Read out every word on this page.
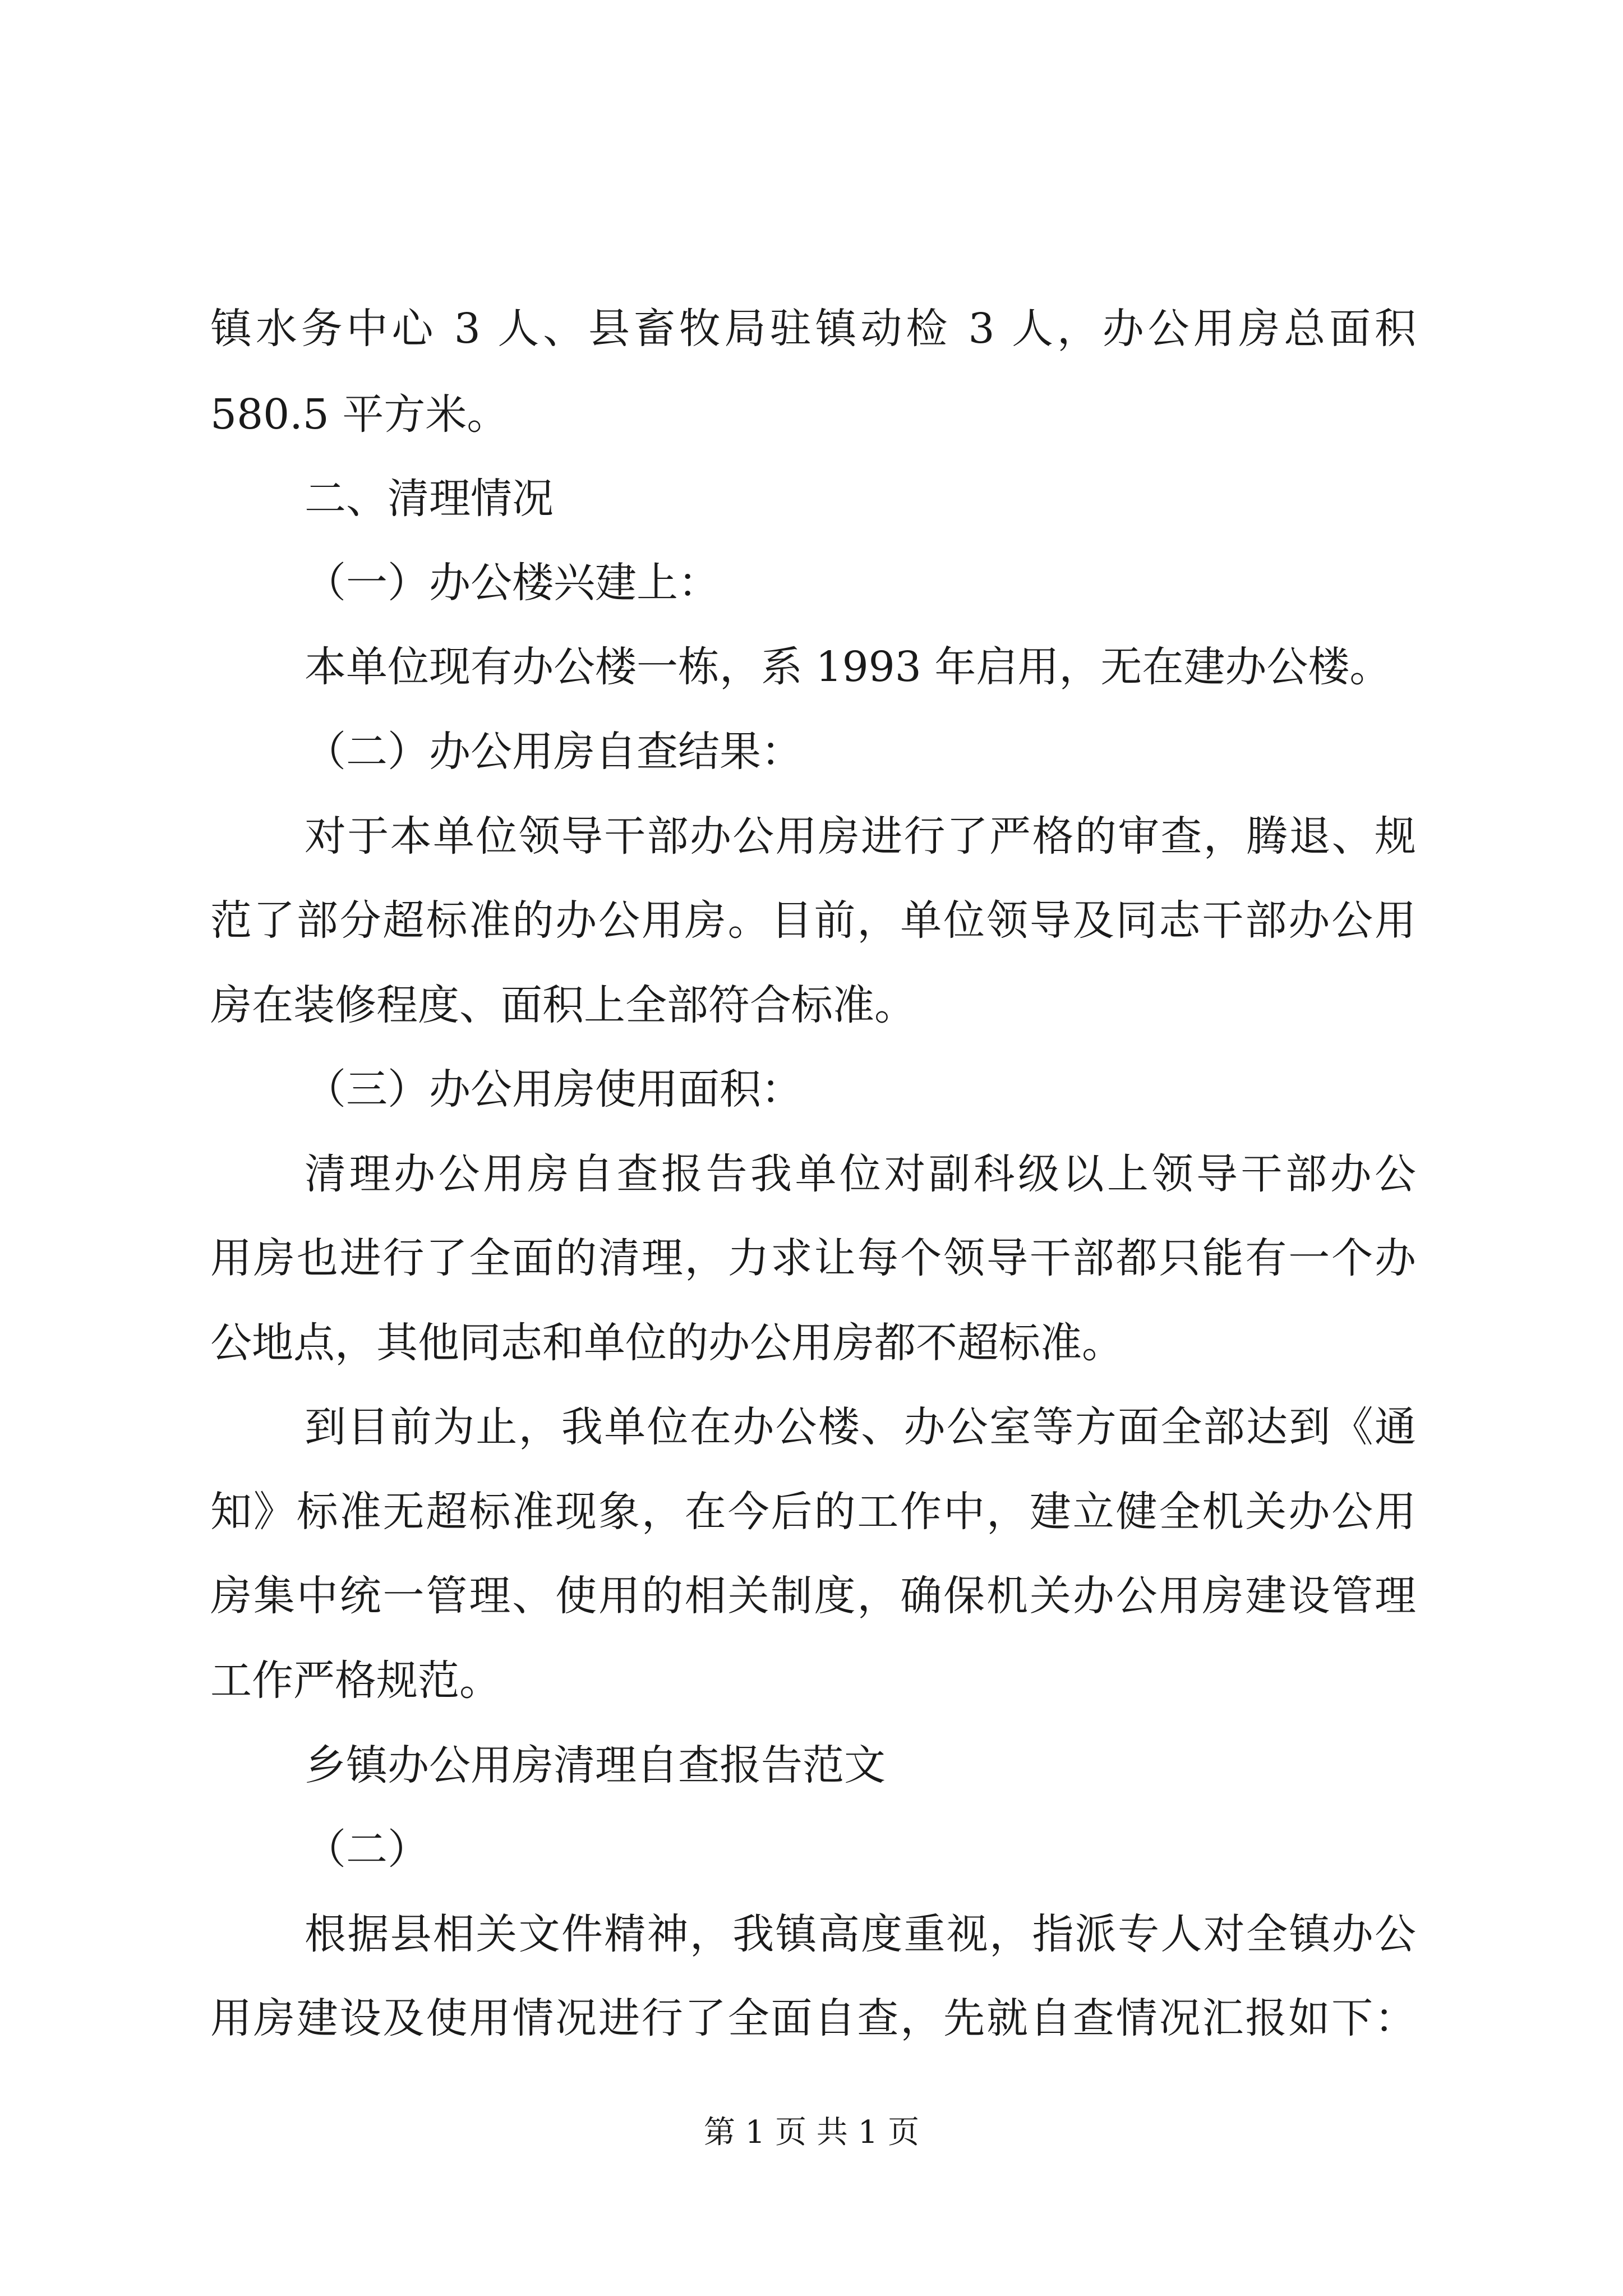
镇水务中心 3 人、县畜牧局驻镇动检 3 人，办公用房总面积
580.5 平方米。
二、清理情况
（一）办公楼兴建上：
本单位现有办公楼一栋，系 1993 年启用，无在建办公楼。
（二）办公用房自查结果：
对于本单位领导干部办公用房进行了严格的审查，腾退、规
范了部分超标准的办公用房。目前，单位领导及同志干部办公用
房在装修程度、面积上全部符合标准。
（三）办公用房使用面积：
清理办公用房自查报告我单位对副科级以上领导干部办公
用房也进行了全面的清理，力求让每个领导干部都只能有一个办
公地点，其他同志和单位的办公用房都不超标准。
到目前为止，我单位在办公楼、办公室等方面全部达到《通
知》标准无超标准现象，在今后的工作中，建立健全机关办公用
房集中统一管理、使用的相关制度，确保机关办公用房建设管理
工作严格规范。
乡镇办公用房清理自查报告范文
（二）
根据县相关文件精神，我镇高度重视，指派专人对全镇办公
用房建设及使用情况进行了全面自查，先就自查情况汇报如下：
第 1 页 共 1 页
